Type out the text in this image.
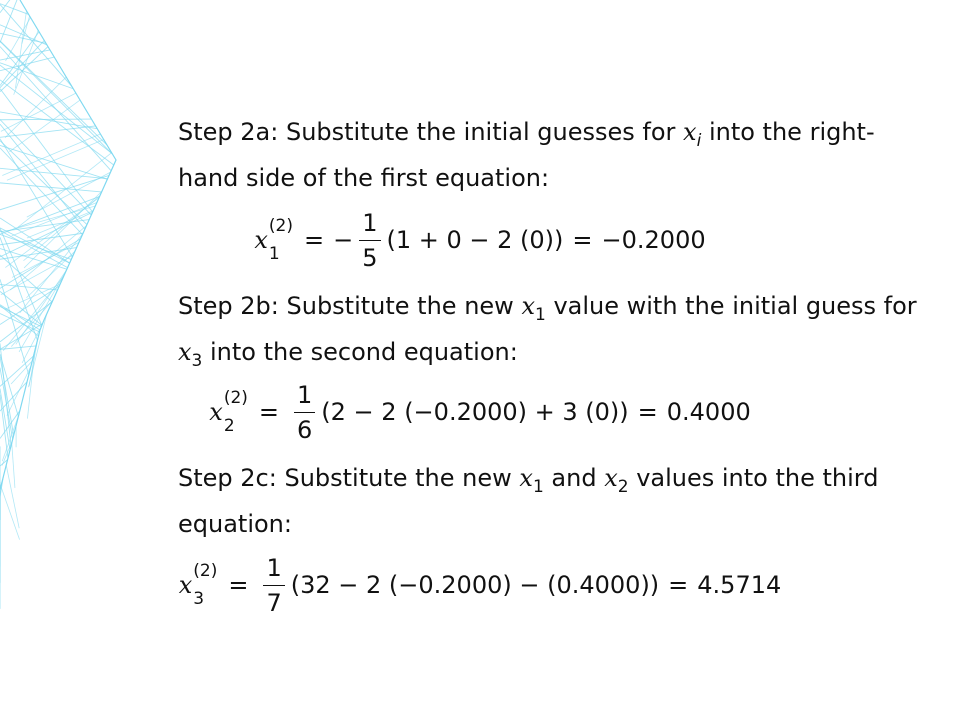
Step 2a: Substitute the initial guesses for $x_i$ into the right-hand side of the first equation:

x (2)
1	= − $\frac{1}{5} (1 + 0 - 2$ (0)) = −0.2000

Step 2b: Substitute the new $x_1$ value with the initial guess for $x_3$ into the second equation:

x (2)
2	= $\frac{1}{6} (2 - 2$ (−0.2000) + 3 (0)) = 0.4000

Step 2c: Substitute the new $x_1$ and $x_2$ values into the third equation:

x (2)
3	= $\frac{1}{7} (32 - 2$ (−0.2000) − (0.4000)) = 4.5714
